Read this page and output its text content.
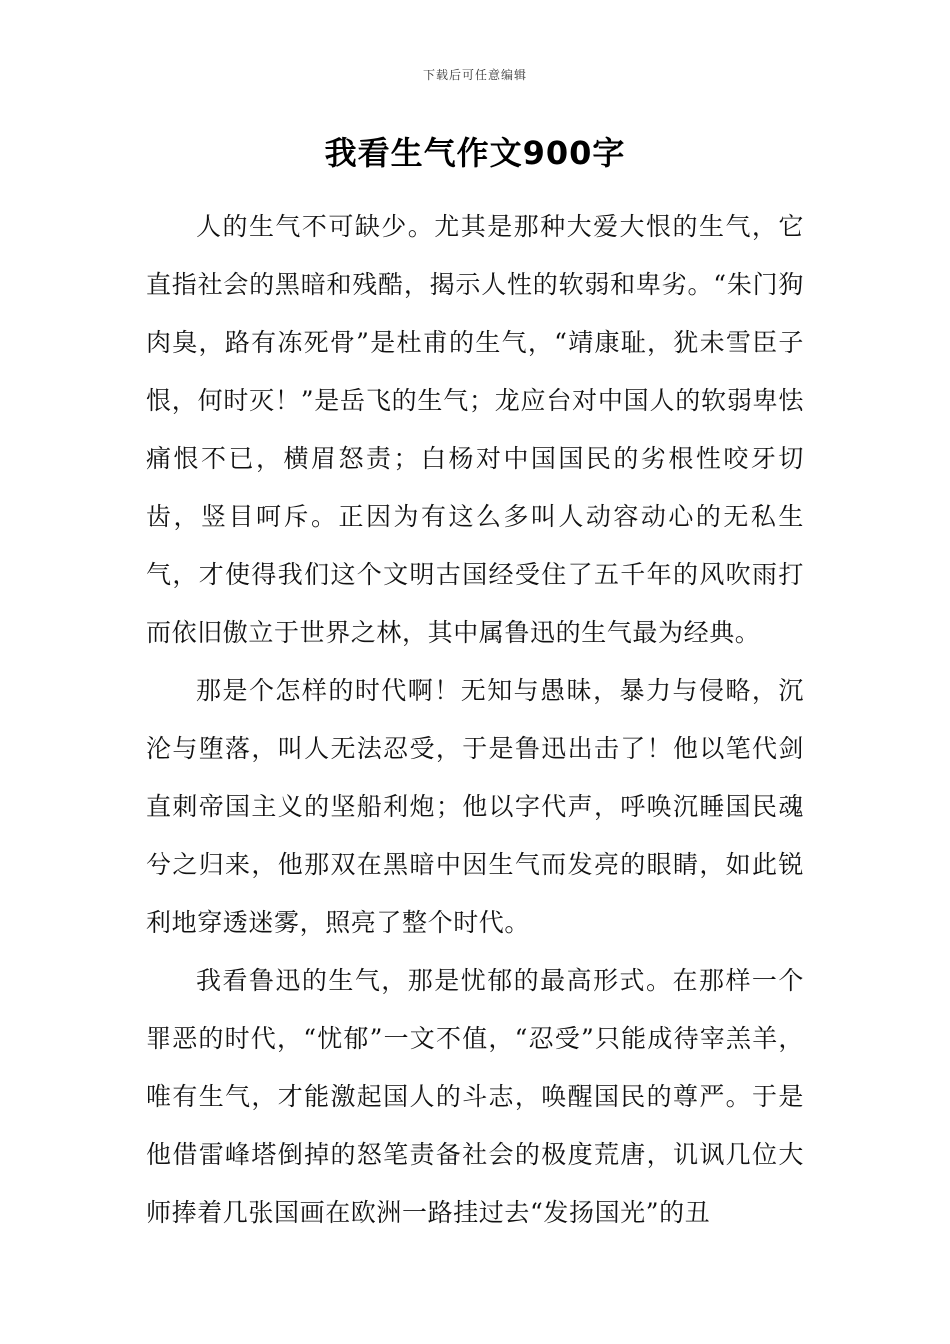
下载后可任意编辑
我看生气作文900字

人的生气不可缺少。尤其是那种大爱大恨的生气，它直指社会的黑暗和残酷，揭示人性的软弱和卑劣。“朱门狗肉臭，路有冻死骨”是杜甫的生气，“靖康耻，犹未雪臣子恨，何时灭！”是岳飞的生气；龙应台对中国人的软弱卑怯痛恨不已，横眉怒责；白杨对中国国民的劣根性咬牙切齿，竖目呵斥。正因为有这么多叫人动容动心的无私生气，才使得我们这个文明古国经受住了五千年的风吹雨打而依旧傲立于世界之林，其中属鲁迅的生气最为经典。

那是个怎样的时代啊！无知与愚昧，暴力与侵略，沉沦与堕落，叫人无法忍受，于是鲁迅出击了！他以笔代剑直刺帝国主义的坚船利炮；他以字代声，呼唤沉睡国民魂兮之归来，他那双在黑暗中因生气而发亮的眼睛，如此锐利地穿透迷雾，照亮了整个时代。

我看鲁迅的生气，那是忧郁的最高形式。在那样一个罪恶的时代，“忧郁”一文不值，“忍受”只能成待宰羔羊，唯有生气，才能激起国人的斗志，唤醒国民的尊严。于是他借雷峰塔倒掉的怒笔责备社会的极度荒唐，讥讽几位大师捧着几张国画在欧洲一路挂过去“发扬国光”的丑
